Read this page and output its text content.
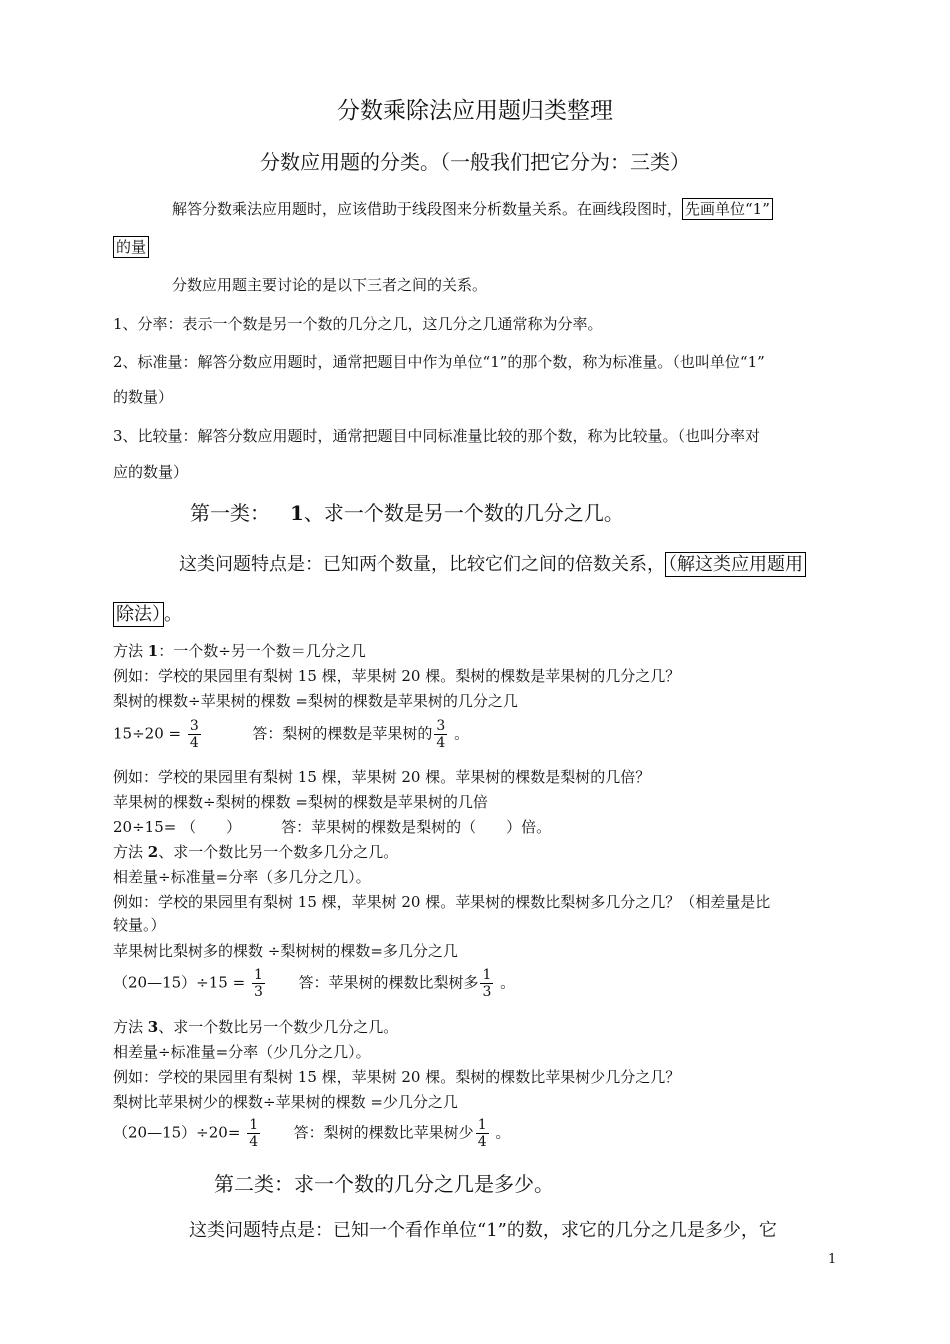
分数乘除法应用题归类整理
分数应用题的分类。（一般我们把它分为：三类）
解答分数乘法应用题时，应该借助于线段图来分析数量关系。在画线段图时， 先画单位“1”
的量
分数应用题主要讨论的是以下三者之间的关系。
1、分率：表示一个数是另一个数的几分之几，这几分之几通常称为分率。
2、标准量：解答分数应用题时，通常把题目中作为单位“1”的那个数，称为标准量。（也叫单位“1”
的数量）
3、比较量：解答分数应用题时，通常把题目中同标准量比较的那个数，称为比较量。（也叫分率对
应的数量）
第一类： 1、求一个数是另一个数的几分之几。
这类问题特点是：已知两个数量，比较它们之间的倍数关系， （解这类应用题用
除法） 。
方法 1：一个数÷另一个数＝几分之几
例如：学校的果园里有梨树 15 棵，苹果树 20 棵。梨树的棵数是苹果树的几分之几？
梨树的棵数÷苹果树的棵数 =梨树的棵数是苹果树的几分之几
$15\div 20 = \frac{3}{4}$	答：梨树的棵数是苹果树的 $\frac{3}{4}$ 。
例如：学校的果园里有梨树 15 棵，苹果树 20 棵。苹果树的棵数是梨树的几倍？
苹果树的棵数÷梨树的棵数 =梨树的棵数是苹果树的几倍
20÷15= （　　）	答：苹果树的棵数是梨树的（　　）倍。
方法 2、求一个数比另一个数多几分之几。
相差量÷标准量=分率（多几分之几）。
例如：学校的果园里有梨树 15 棵，苹果树 20 棵。苹果树的棵数比梨树多几分之几？（相差量是比
较量。）
苹果树比梨树多的棵数 ÷梨树树的棵数=多几分之几
（20—15）÷15 = $\frac{1}{3}$ 答：苹果树的棵数比梨树多 $\frac{1}{3}$ 。
方法 3、求一个数比另一个数少几分之几。
相差量÷标准量=分率（少几分之几）。
例如：学校的果园里有梨树 15 棵，苹果树 20 棵。梨树的棵数比苹果树少几分之几？
梨树比苹果树少的棵数÷苹果树的棵数 =少几分之几
（20—15）÷20= $\frac{1}{4}$ 答：梨树的棵数比苹果树少 $\frac{1}{4}$ 。
第二类：求一个数的几分之几是多少。
这类问题特点是：已知一个看作单位“1”的数，求它的几分之几是多少，它
1
